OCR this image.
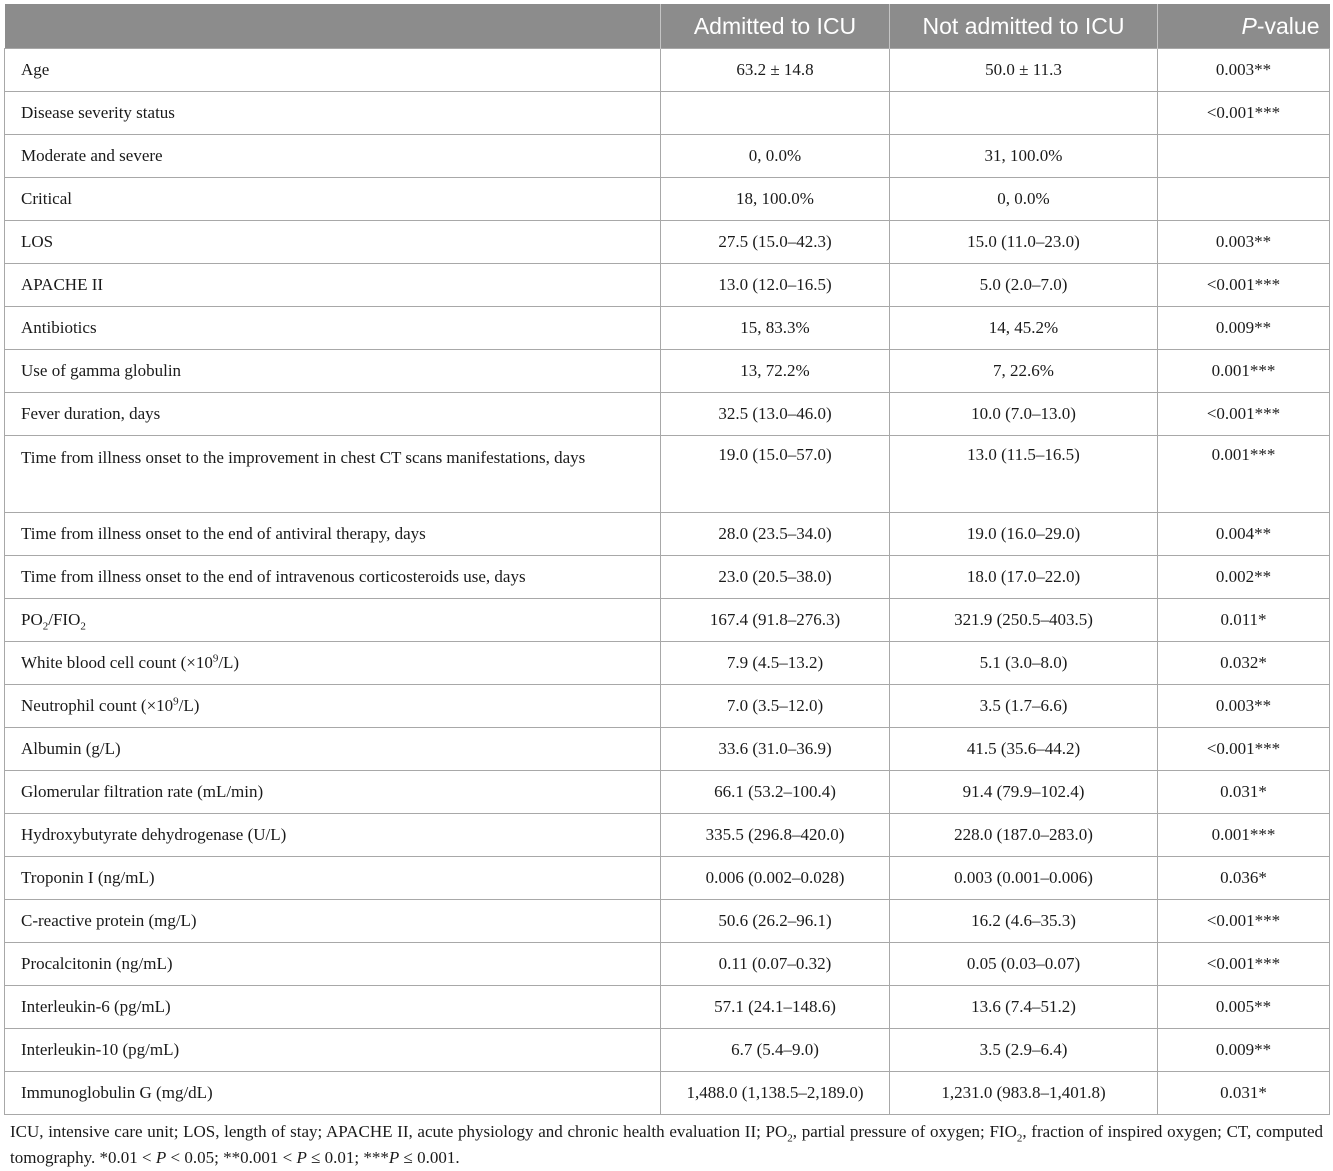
	Admitted to ICU	Not admitted to ICU	P-value
Age	63.2 ± 14.8	50.0 ± 11.3	0.003**
Disease severity status			<0.001***
Moderate and severe	0, 0.0%	31, 100.0%	
Critical	18, 100.0%	0, 0.0%	
LOS	27.5 (15.0–42.3)	15.0 (11.0–23.0)	0.003**
APACHE II	13.0 (12.0–16.5)	5.0 (2.0–7.0)	<0.001***
Antibiotics	15, 83.3%	14, 45.2%	0.009**
Use of gamma globulin	13, 72.2%	7, 22.6%	0.001***
Fever duration, days	32.5 (13.0–46.0)	10.0 (7.0–13.0)	<0.001***
Time from illness onset to the improvement in chest CT scans manifestations, days	19.0 (15.0–57.0)	13.0 (11.5–16.5)	0.001***
Time from illness onset to the end of antiviral therapy, days	28.0 (23.5–34.0)	19.0 (16.0–29.0)	0.004**
Time from illness onset to the end of intravenous corticosteroids use, days	23.0 (20.5–38.0)	18.0 (17.0–22.0)	0.002**
$PO_2/FIO_2$	167.4 (91.8–276.3)	321.9 (250.5–403.5)	0.011*
White blood cell count $(\times 10^9/L)$	7.9 (4.5–13.2)	5.1 (3.0–8.0)	0.032*
Neutrophil count $(\times 10^9/L)$	7.0 (3.5–12.0)	3.5 (1.7–6.6)	0.003**
Albumin (g/L)	33.6 (31.0–36.9)	41.5 (35.6–44.2)	<0.001***
Glomerular filtration rate (mL/min)	66.1 (53.2–100.4)	91.4 (79.9–102.4)	0.031*
Hydroxybutyrate dehydrogenase (U/L)	335.5 (296.8–420.0)	228.0 (187.0–283.0)	0.001***
Troponin I (ng/mL)	0.006 (0.002–0.028)	0.003 (0.001–0.006)	0.036*
C-reactive protein (mg/L)	50.6 (26.2–96.1)	16.2 (4.6–35.3)	<0.001***
Procalcitonin (ng/mL)	0.11 (0.07–0.32)	0.05 (0.03–0.07)	<0.001***
Interleukin-6 (pg/mL)	57.1 (24.1–148.6)	13.6 (7.4–51.2)	0.005**
Interleukin-10 (pg/mL)	6.7 (5.4–9.0)	3.5 (2.9–6.4)	0.009**
Immunoglobulin G (mg/dL)	1,488.0 (1,138.5–2,189.0)	1,231.0 (983.8–1,401.8)	0.031*
ICU, intensive care unit; LOS, length of stay; APACHE II, acute physiology and chronic health evaluation II; $PO_2$, partial pressure of oxygen; $FIO_2$, fraction of inspired oxygen; CT, computed tomography. *0.01 < P < 0.05; **0.001 < P ≤ 0.01; ***P ≤ 0.001.
